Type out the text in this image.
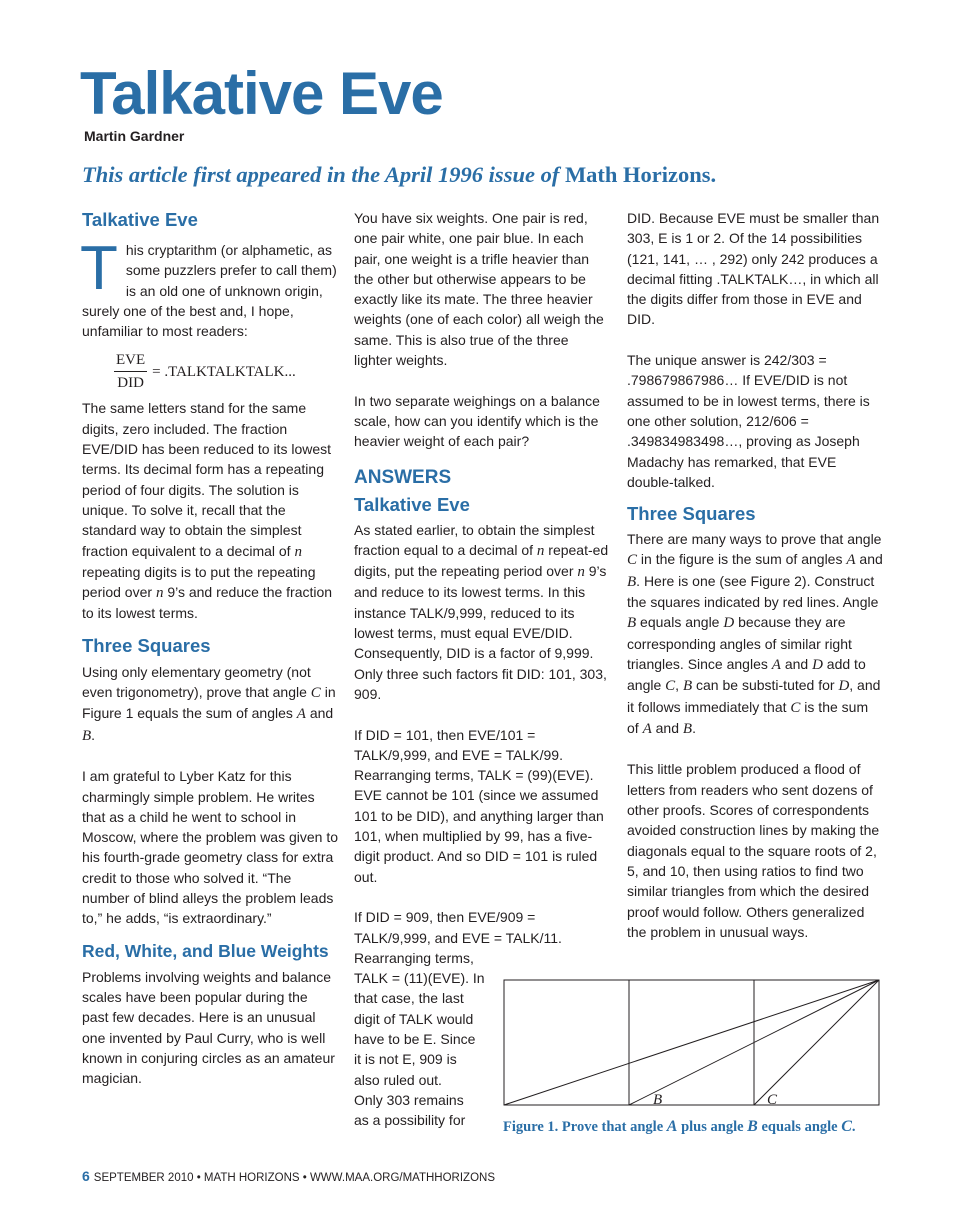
Talkative Eve
Martin Gardner
This article first appeared in the April 1996 issue of Math Horizons.
Talkative Eve

This cryptarithm (or alphametic, as some puzzlers prefer to call them) is an old one of unknown origin, surely one of the best and, I hope, unfamiliar to most readers:

$\frac{\text{EVE}}{\text{DID}}$ = .TALKTALKTALK...

The same letters stand for the same digits, zero included. The fraction EVE/DID has been reduced to its lowest terms. Its decimal form has a repeating period of four digits. The solution is unique. To solve it, recall that the standard way to obtain the simplest fraction equivalent to a decimal of n repeating digits is to put the repeating period over n 9’s and reduce the fraction to its lowest terms.

Three Squares

Using only elementary geometry (not even trigonometry), prove that angle C in Figure 1 equals the sum of angles A and B.

I am grateful to Lyber Katz for this charmingly simple problem. He writes that as a child he went to school in Moscow, where the problem was given to his fourth-grade geometry class for extra credit to those who solved it. “The number of blind alleys the problem leads to,” he adds, “is extraordinary.”

Red, White, and Blue Weights

Problems involving weights and balance scales have been popular during the past few decades. Here is an unusual one invented by Paul Curry, who is well known in conjuring circles as an amateur magician.

You have six weights. One pair is red, one pair white, one pair blue. In each pair, one weight is a trifle heavier than the other but otherwise appears to be exactly like its mate. The three heavier weights (one of each color) all weigh the same. This is also true of the three lighter weights.

In two separate weighings on a balance scale, how can you identify which is the heavier weight of each pair?

ANSWERS
Talkative Eve

As stated earlier, to obtain the simplest fraction equal to a decimal of n repeat-ed digits, put the repeating period over n 9’s and reduce to its lowest terms. In this instance TALK/9,999, reduced to its lowest terms, must equal EVE/DID. Consequently, DID is a factor of 9,999. Only three such factors fit DID: 101, 303, 909.

If DID = 101, then EVE/101 = TALK/9,999, and EVE = TALK/99. Rearranging terms, TALK = (99)(EVE). EVE cannot be 101 (since we assumed 101 to be DID), and anything larger than 101, when multiplied by 99, has a five-digit product. And so DID = 101 is ruled out.

If DID = 909, then EVE/909 =
TALK/9,999, and EVE = TALK/11.
Rearranging terms,
TALK = (11)(EVE). In
that case, the last
digit of TALK would
have to be E. Since
it is not E, 909 is
also ruled out.
Only 303 remains
as a possibility for

DID. Because EVE must be smaller than 303, E is 1 or 2. Of the 14 possibilities (121, 141, … , 292) only 242 produces a decimal fitting .TALKTALK…, in which all the digits differ from those in EVE and DID.

The unique answer is 242/303 = .798679867986… If EVE/DID is not assumed to be in lowest terms, there is one other solution, 212/606 = .349834983498…, proving as Joseph Madachy has remarked, that EVE double-talked.

Three Squares

There are many ways to prove that angle C in the figure is the sum of angles A and B. Here is one (see Figure 2). Construct the squares indicated by red lines. Angle B equals angle D because they are corresponding angles of similar right triangles. Since angles A and D add to angle C, B can be substi-tuted for D, and it follows immediately that C is the sum of A and B.

This little problem produced a flood of letters from readers who sent dozens of other proofs. Scores of correspondents avoided construction lines by making the diagonals equal to the square roots of 2, 5, and 10, then using ratios to find two similar triangles from which the desired proof would follow. Others generalized the problem in unusual ways.

B	C
Figure 1. Prove that angle A plus angle B equals angle C.
6 SEPTEMBER 2010 • MATH HORIZONS • WWW.MAA.ORG/MATHHORIZONS
